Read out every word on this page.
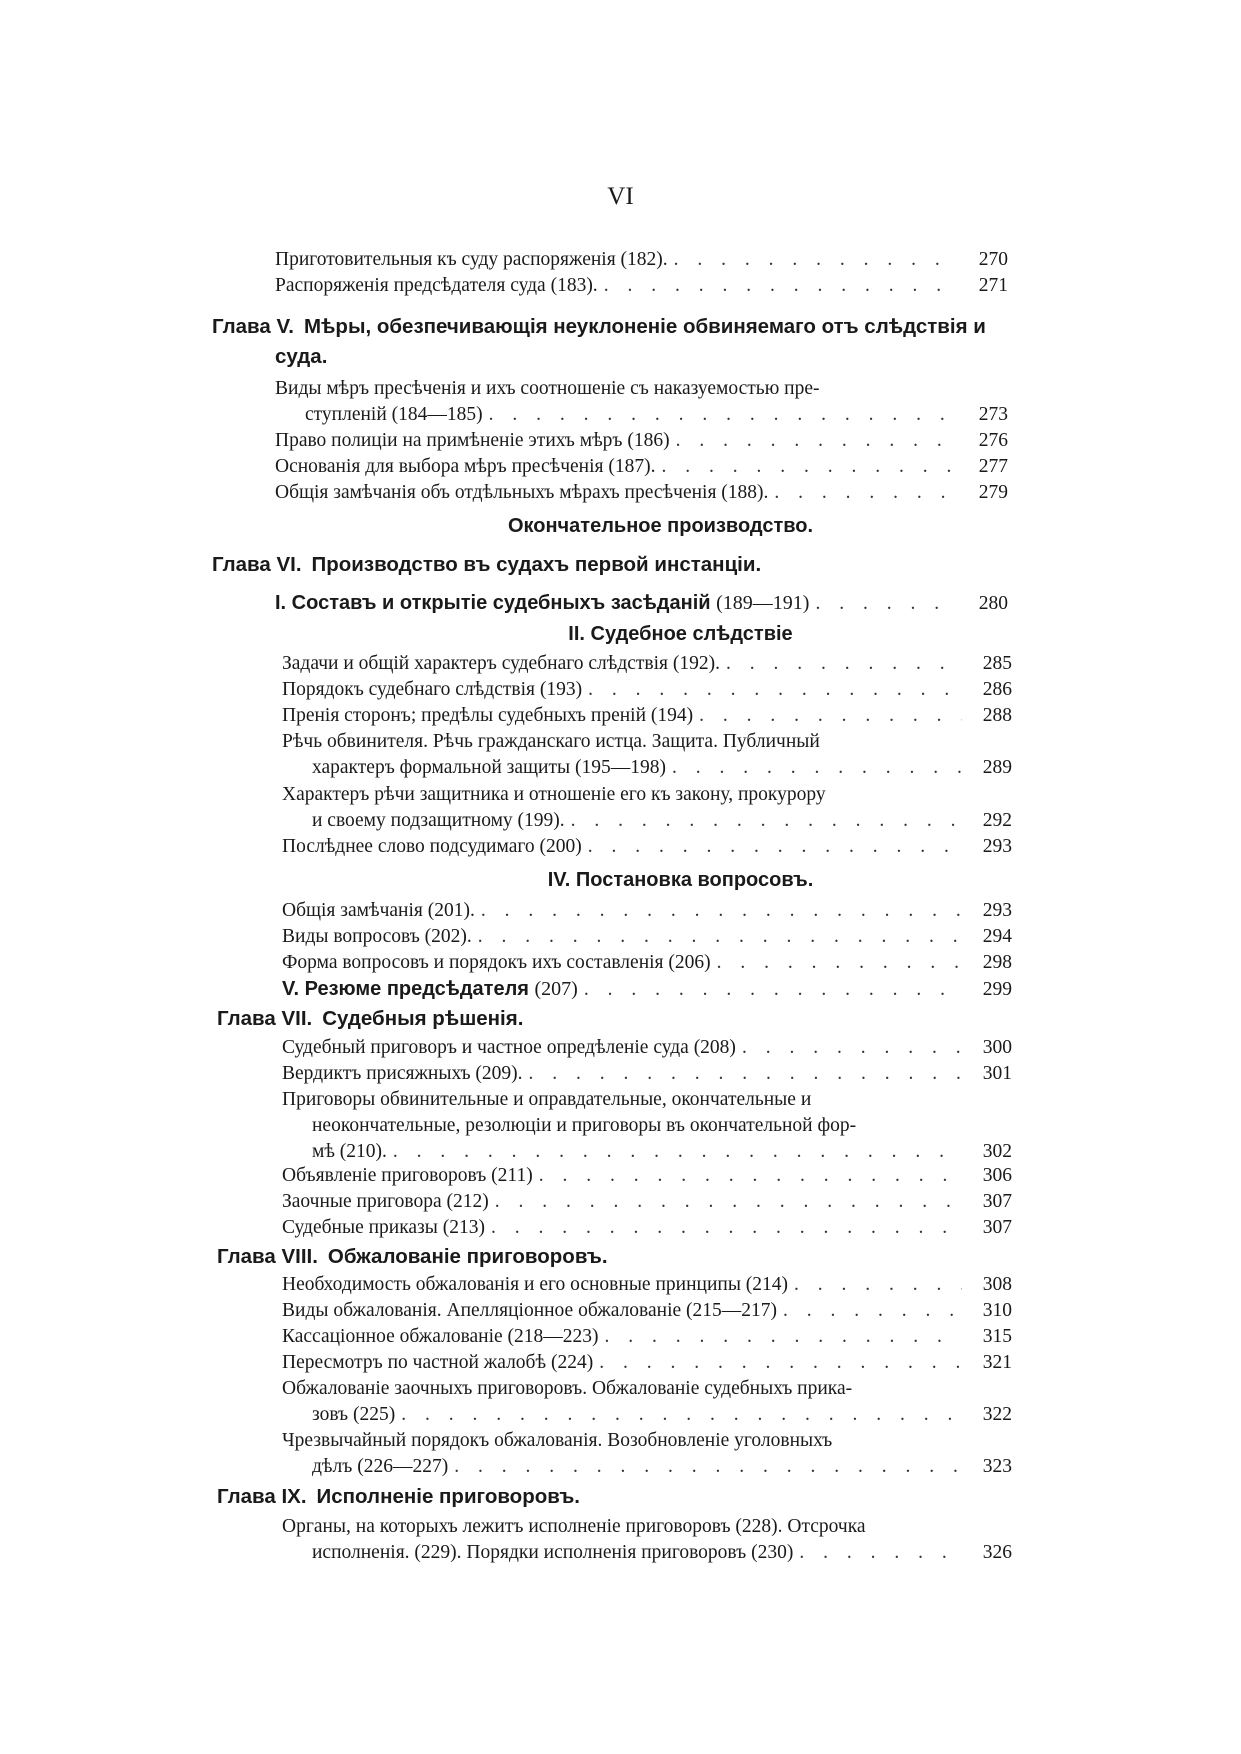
VI
Приготовительныя къ суду распоряженія (182). . . .	270
Распоряженія предсѣдателя суда (183). . . .	271
Глава V. Мѣры, обезпечивающія неуклоненіе обвиняемаго отъ слѣдствія и
суда.
Виды мѣръ пресѣченія и ихъ соотношеніе съ наказуемостью пре-
ступленій (184—185) . . .	273
Право полиціи на примѣненіе этихъ мѣръ (186) . . .	276
Основанія для выбора мѣръ пресѣченія (187). . . .	277
Общія замѣчанія объ отдѣльныхъ мѣрахъ пресѣченія (188). . . .	279
Окончательное производство.
Глава VI. Производство въ судахъ первой инстанціи.
I. Составъ и открытіе судебныхъ засѣданій (189—191) . . .	280
II. Судебное слѣдствіе
Задачи и общій характеръ судебнаго слѣдствія (192). . . .	285
Порядокъ судебнаго слѣдствія (193) . . .	286
Пренія сторонъ; предѣлы судебныхъ преній (194) . . .	288
Рѣчь обвинителя. Рѣчь гражданскаго истца. Защита. Публичный
характеръ формальной защиты (195—198) . . .	289
Характеръ рѣчи защитника и отношеніе его къ закону, прокурору
и своему подзащитному (199). . . .	292
Послѣднее слово подсудимаго (200) . . .	293
IV. Постановка вопросовъ.
Общія замѣчанія (201). . . .	293
Виды вопросовъ (202). . . .	294
Форма вопросовъ и порядокъ ихъ составленія (206) . . .	298
V. Резюме предсѣдателя (207) . . .	299
Глава VII. Судебныя рѣшенія.
Судебный приговоръ и частное опредѣленіе суда (208) . . .	300
Вердиктъ присяжныхъ (209). . . .	301
Приговоры обвинительные и оправдательные, окончательные и
неокончательные, резолюціи и приговоры въ окончательной фор-
мѣ (210). . . .	302
Объявленіе приговоровъ (211) . . .	306
Заочные приговора (212) . . .	307
Судебные приказы (213) . . .	307
Глава VIII. Обжалованіе приговоровъ.
Необходимость обжалованія и его основные принципы (214) . . .	308
Виды обжалованія. Апелляціонное обжалованіе (215—217) . . .	310
Кассаціонное обжалованіе (218—223) . . .	315
Пересмотръ по частной жалобѣ (224) . . .	321
Обжалованіе заочныхъ приговоровъ. Обжалованіе судебныхъ прика-
зовъ (225) . . .	322
Чрезвычайный порядокъ обжалованія. Возобновленіе уголовныхъ
дѣлъ (226—227) . . .	323
Глава IX. Исполненіе приговоровъ.
Органы, на которыхъ лежитъ исполненіе приговоровъ (228). Отсрочка
исполненія. (229). Порядки исполненія приговоровъ (230) . . .	326
